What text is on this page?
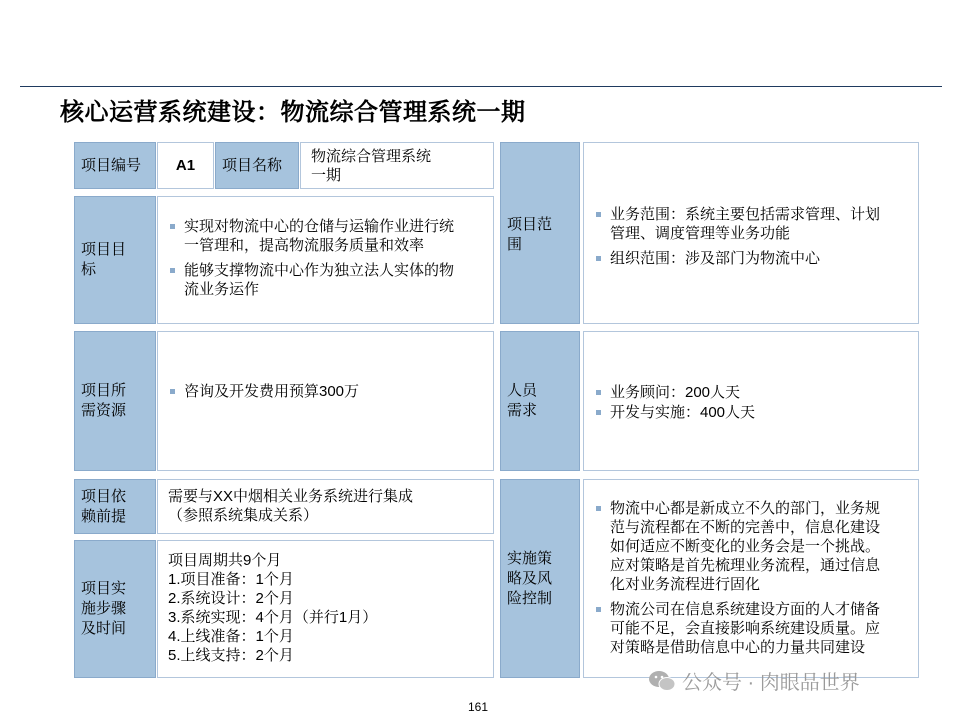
核心运营系统建设：物流综合管理系统一期
项目编号 A1 项目名称 物流综合管理系统
一期
项目目
标
实现对物流中心的仓储与运输作业进行统
一管理和，提高物流服务质量和效率
能够支撑物流中心作为独立法人实体的物
流业务运作
项目所
需资源
咨询及开发费用预算300万
项目依
赖前提
需要与XX中烟相关业务系统进行集成
（参照系统集成关系）
项目实
施步骤
及时间
项目周期共9个月
1.项目准备：1个月
2.系统设计：2个月
3.系统实现：4个月（并行1月）
4.上线准备：1个月
5.上线支持：2个月
项目范
围
业务范围：系统主要包括需求管理、计划
管理、调度管理等业务功能
组织范围：涉及部门为物流中心
人员
需求
业务顾问：200人天
开发与实施：400人天
实施策
略及风
险控制
物流中心都是新成立不久的部门，业务规
范与流程都在不断的完善中，信息化建设
如何适应不断变化的业务会是一个挑战。
应对策略是首先梳理业务流程，通过信息
化对业务流程进行固化
物流公司在信息系统建设方面的人才储备
可能不足，会直接影响系统建设质量。应
对策略是借助信息中心的力量共同建设
公众号 · 肉眼品世界
161
